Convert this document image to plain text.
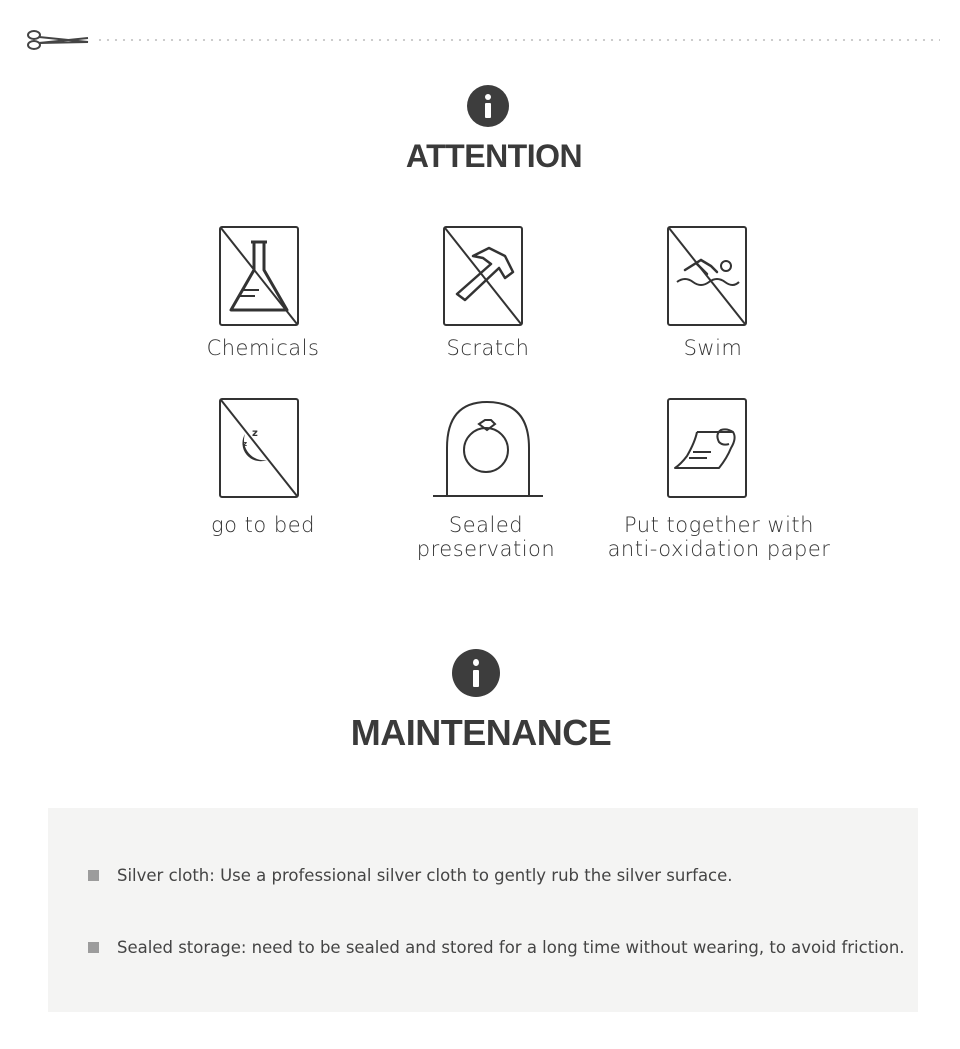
ATTENTION
Chemicals	Scratch	Swim
z
z
go to bed	Sealed
preservation
Put together with
anti-oxidation paper
MAINTENANCE
Silver cloth: Use a professional silver cloth to gently rub the silver surface.
Sealed storage: need to be sealed and stored for a long time without wearing, to avoid friction.
